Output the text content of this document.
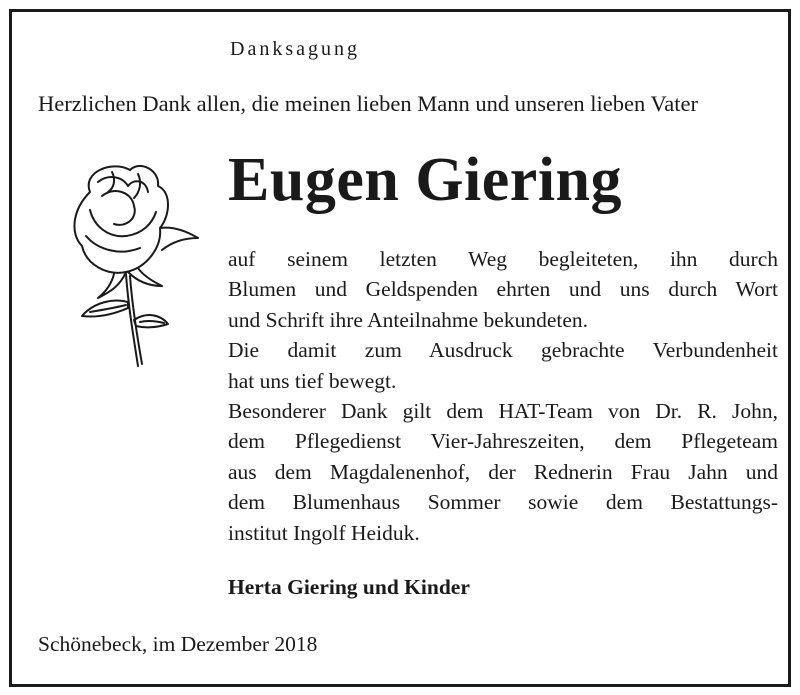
Danksagung
Herzlichen Dank allen, die meinen lieben Mann und unseren lieben Vater
Eugen Giering
auf seinem letzten Weg begleiteten, ihn durch
Blumen und Geldspenden ehrten und uns durch Wort
und Schrift ihre Anteilnahme bekundeten.
Die damit zum Ausdruck gebrachte Verbundenheit
hat uns tief bewegt.
Besonderer Dank gilt dem HAT-Team von Dr. R. John,
dem Pflegedienst Vier-Jahreszeiten, dem Pflegeteam
aus dem Magdalenenhof, der Rednerin Frau Jahn und
dem Blumenhaus Sommer sowie dem Bestattungs-
institut Ingolf Heiduk.
Herta Giering und Kinder
Schönebeck, im Dezember 2018
